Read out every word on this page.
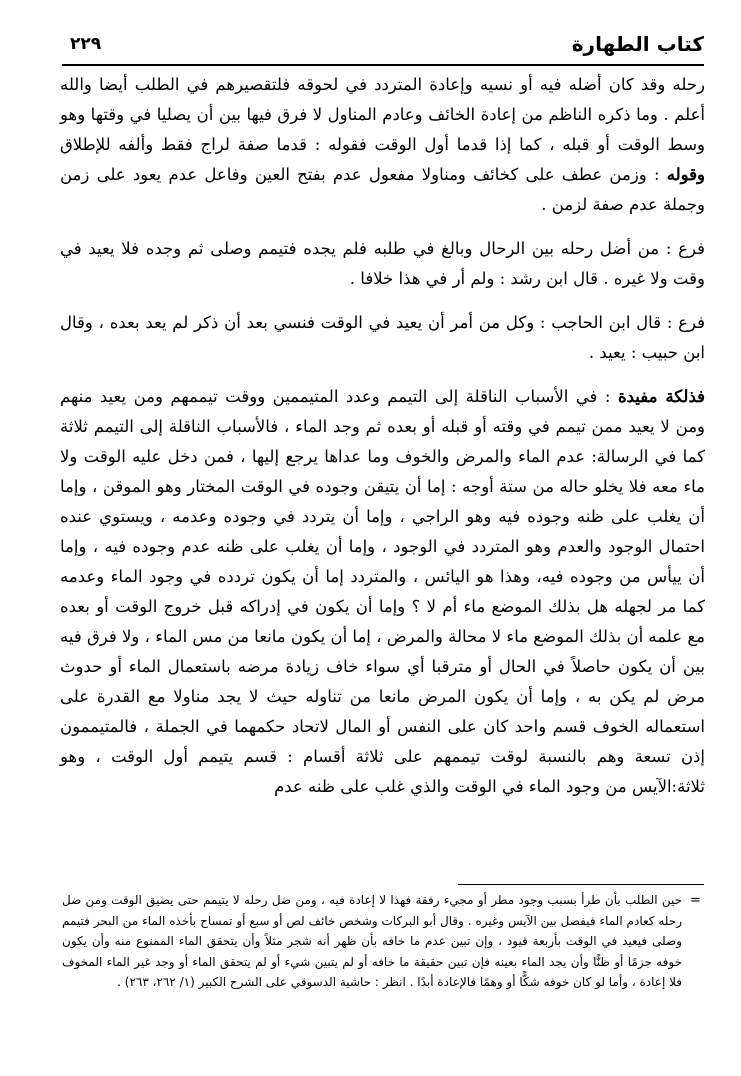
كتاب الطهارة
٢٢٩

رحله وقد كان أضله فيه أو نسيه وإعادة المتردد في لحوقه فلتقصيرهم في الطلب أيضا والله أعلم . وما ذكره الناظم من إعادة الخائف وعادم المناول لا فرق فيها بين أن يصليا في وقتها وهو وسط الوقت أو قبله ، كما إذا قدما أول الوقت فقوله : قدما صفة لراج فقط وألفه للإطلاق وقوله : وزمن عطف على كخائف ومناولا مفعول عدم بفتح العين وفاعل عدم يعود على زمن وجملة عدم صفة لزمن .

فرع : من أضل رحله بين الرحال وبالغ في طلبه فلم يجده فتيمم وصلى ثم وجده فلا يعيد في وقت ولا غيره . قال ابن رشد : ولم أر في هذا خلافا .

فرع : قال ابن الحاجب : وكل من أمر أن يعيد في الوقت فنسي بعد أن ذكر لم يعد بعده ، وقال ابن حبيب : يعيد .

فذلكة مفيدة : في الأسباب الناقلة إلى التيمم وعدد المتيممين ووقت تيممهم ومن يعيد منهم ومن لا يعيد ممن تيمم في وقته أو قبله أو بعده ثم وجد الماء ، فالأسباب الناقلة إلى التيمم ثلاثة كما في الرسالة: عدم الماء والمرض والخوف وما عداها يرجع إليها ، فمن دخل عليه الوقت ولا ماء معه فلا يخلو حاله من ستة أوجه : إما أن يتيقن وجوده في الوقت المختار وهو الموقن ، وإما أن يغلب على ظنه وجوده فيه وهو الراجي ، وإما أن يتردد في وجوده وعدمه ، ويستوي عنده احتمال الوجود والعدم وهو المتردد في الوجود ، وإما أن يغلب على ظنه عدم وجوده فيه ، وإما أن ييأس من وجوده فيه، وهذا هو اليائس ، والمتردد إما أن يكون تردده في وجود الماء وعدمه كما مر لجهله هل بذلك الموضع ماء أم لا ؟ وإما أن يكون في إدراكه قبل خروج الوقت أو بعده مع علمه أن بذلك الموضع ماء لا محالة والمرض ، إما أن يكون مانعا من مس الماء ، ولا فرق فيه بين أن يكون حاصلاً في الحال أو مترقبا أي سواء خاف زيادة مرضه باستعمال الماء أو حدوث مرض لم يكن به ، وإما أن يكون المرض مانعا من تناوله حيث لا يجد مناولا مع القدرة على استعماله الخوف قسم واحد كان على النفس أو المال لاتحاد حكمهما في الجملة ، فالمتيممون إذن تسعة وهم بالنسبة لوقت تيممهم على ثلاثة أقسام : قسم يتيمم أول الوقت ، وهو ثلاثة:الآيس من وجود الماء في الوقت والذي غلب على ظنه عدم

=

حين الطلب بأن طرأ بسبب وجود مطر أو مجيء رفقة فهذا لا إعادة فيه ، ومن ضل رحله لا يتيمم حتى يضيق الوقت ومن ضل رحله كعادم الماء فيفصل بين الآيس وغيره . وقال أبو البركات وشخص خائف لص أو سبع أو تمساح بأخذه الماء من البحر فتيمم وصلى فيعيد في الوقت بأربعة قيود ، وإن تبين عدم ما خافه بأن ظهر أنه شجر مثلاً وأن يتحقق الماء الممنوع منه وأن يكون خوفه جزمًا أو ظنًّا وأن يجد الماء بعينه فإن تبين حقيقة ما خافه أو لم يتبين شيء أو لم يتحقق الماء أو وجد غير الماء المخوف فلا إعادة ، وأما لو كان خوفه شكًّا أو وهمًا فالإعادة أبدًا . انظر : حاشية الدسوقي على الشرح الكبير (١/ ٢٦٢، ٢٦٣) .
